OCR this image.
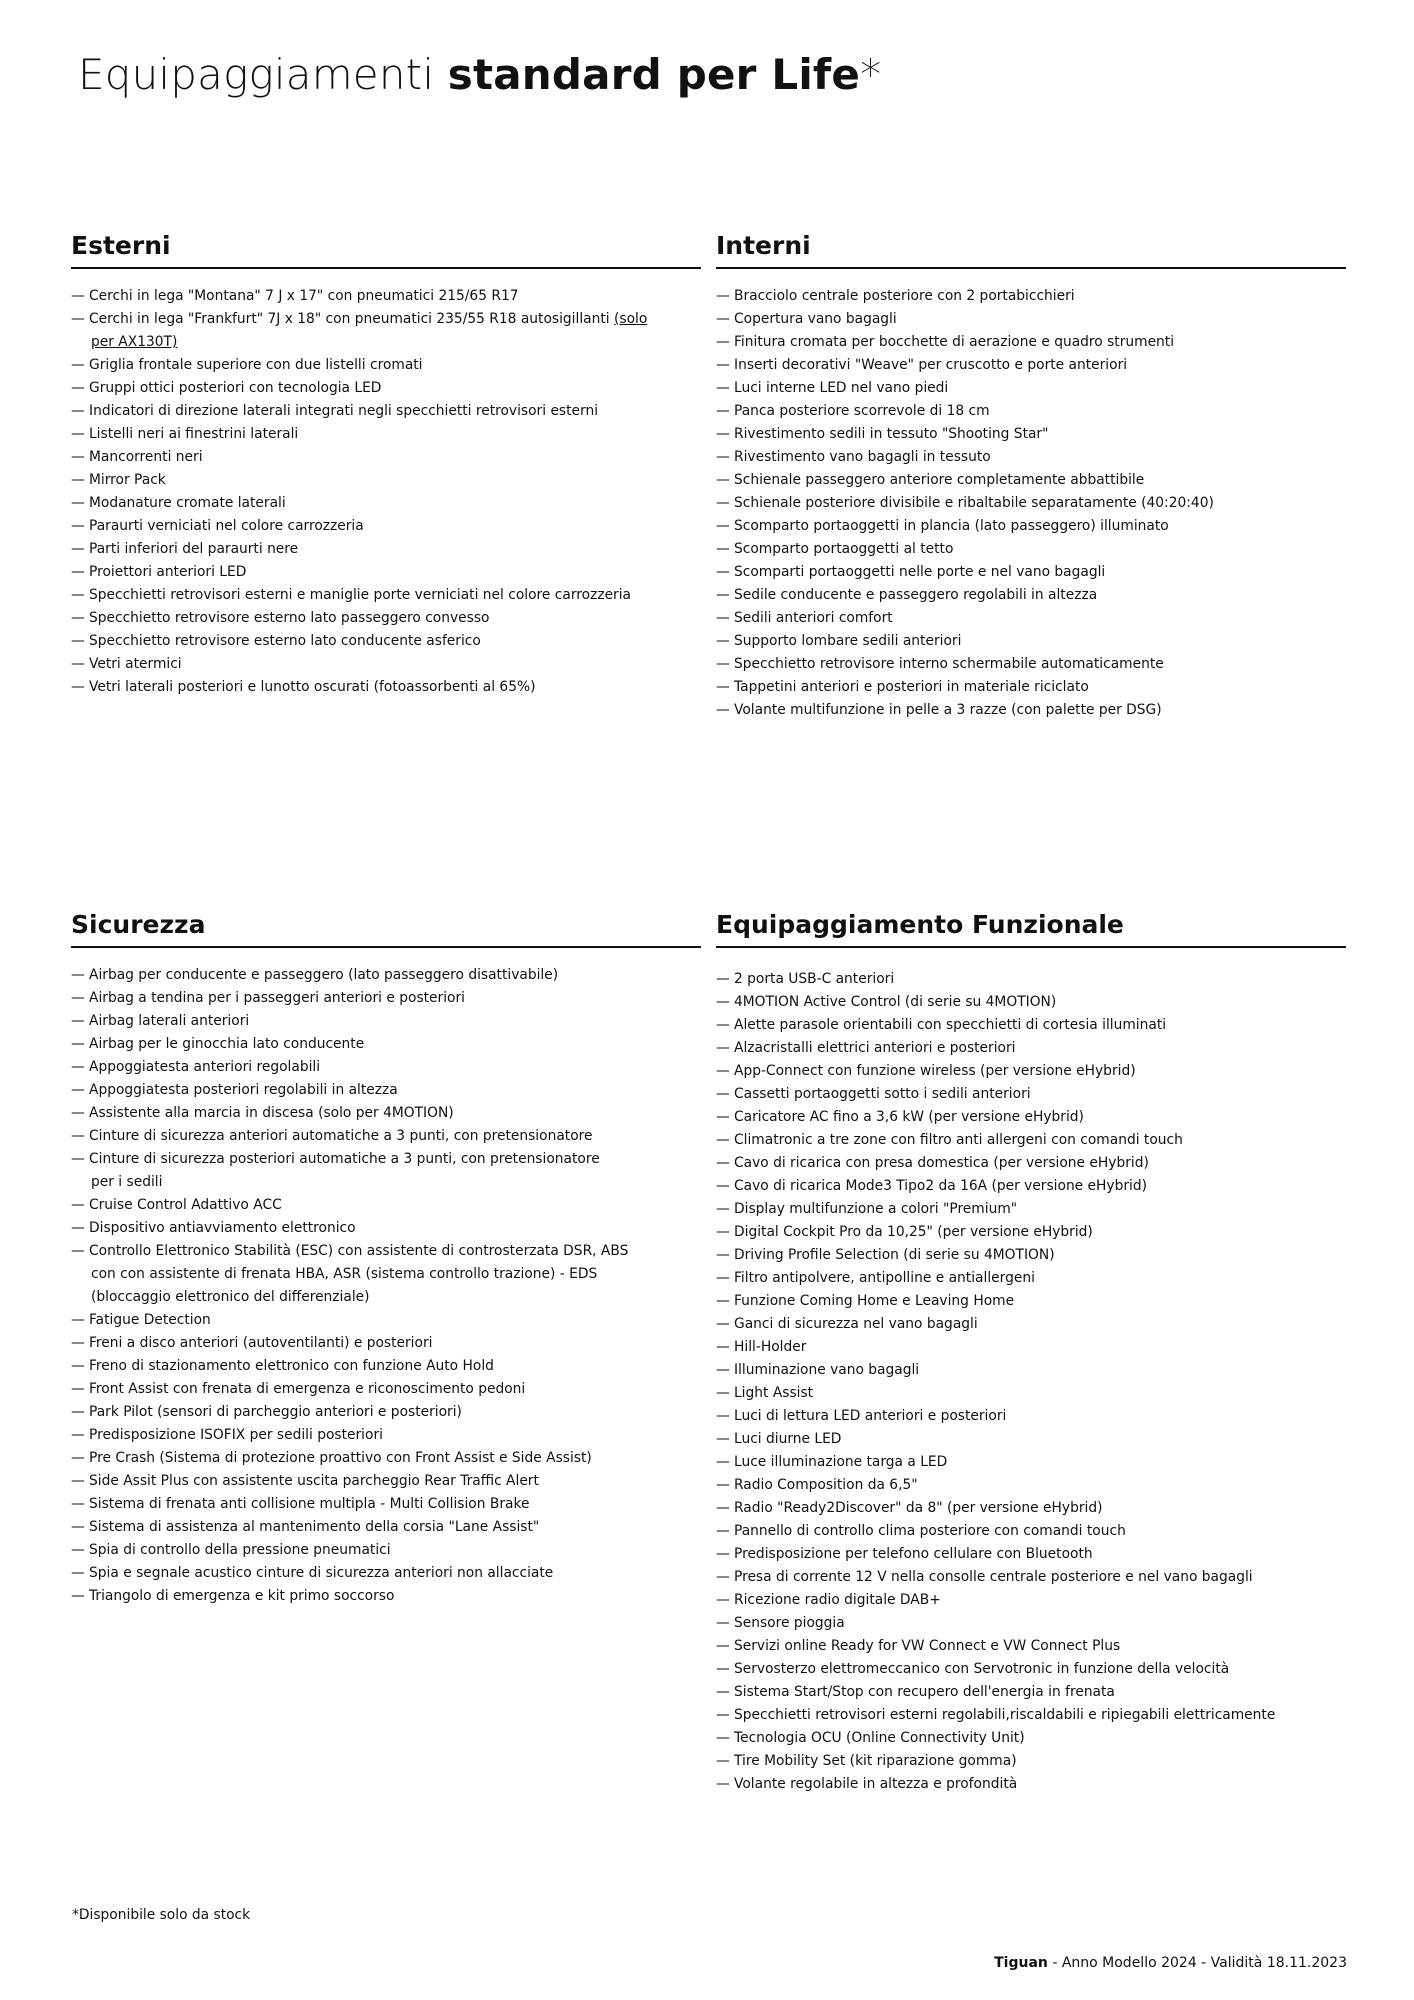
Equipaggiamenti standard per Life*
Esterni
— Cerchi in lega "Montana" 7 J x 17" con pneumatici 215/65 R17
— Cerchi in lega "Frankfurt" 7J x 18" con pneumatici 235/55 R18 autosigillanti (solo
per AX130T)
— Griglia frontale superiore con due listelli cromati
— Gruppi ottici posteriori con tecnologia LED
— Indicatori di direzione laterali integrati negli specchietti retrovisori esterni
— Listelli neri ai finestrini laterali
— Mancorrenti neri
— Mirror Pack
— Modanature cromate laterali
— Paraurti verniciati nel colore carrozzeria
— Parti inferiori del paraurti nere
— Proiettori anteriori LED
— Specchietti retrovisori esterni e maniglie porte verniciati nel colore carrozzeria
— Specchietto retrovisore esterno lato passeggero convesso
— Specchietto retrovisore esterno lato conducente asferico
— Vetri atermici
— Vetri laterali posteriori e lunotto oscurati (fotoassorbenti al 65%)
Interni
— Bracciolo centrale posteriore con 2 portabicchieri
— Copertura vano bagagli
— Finitura cromata per bocchette di aerazione e quadro strumenti
— Inserti decorativi "Weave" per cruscotto e porte anteriori
— Luci interne LED nel vano piedi
— Panca posteriore scorrevole di 18 cm
— Rivestimento sedili in tessuto "Shooting Star"
— Rivestimento vano bagagli in tessuto
— Schienale passeggero anteriore completamente abbattibile
— Schienale posteriore divisibile e ribaltabile separatamente (40:20:40)
— Scomparto portaoggetti in plancia (lato passeggero) illuminato
— Scomparto portaoggetti al tetto
— Scomparti portaoggetti nelle porte e nel vano bagagli
— Sedile conducente e passeggero regolabili in altezza
— Sedili anteriori comfort
— Supporto lombare sedili anteriori
— Specchietto retrovisore interno schermabile automaticamente
— Tappetini anteriori e posteriori in materiale riciclato
— Volante multifunzione in pelle a 3 razze (con palette per DSG)
Sicurezza
— Airbag per conducente e passeggero (lato passeggero disattivabile)
— Airbag a tendina per i passeggeri anteriori e posteriori
— Airbag laterali anteriori
— Airbag per le ginocchia lato conducente
— Appoggiatesta anteriori regolabili
— Appoggiatesta posteriori regolabili in altezza
— Assistente alla marcia in discesa (solo per 4MOTION)
— Cinture di sicurezza anteriori automatiche a 3 punti, con pretensionatore
— Cinture di sicurezza posteriori automatiche a 3 punti, con pretensionatore
per i sedili
— Cruise Control Adattivo ACC
— Dispositivo antiavviamento elettronico
— Controllo Elettronico Stabilità (ESC) con assistente di controsterzata DSR, ABS
con con assistente di frenata HBA, ASR (sistema controllo trazione) - EDS
(bloccaggio elettronico del differenziale)
— Fatigue Detection
— Freni a disco anteriori (autoventilanti) e posteriori
— Freno di stazionamento elettronico con funzione Auto Hold
— Front Assist con frenata di emergenza e riconoscimento pedoni
— Park Pilot (sensori di parcheggio anteriori e posteriori)
— Predisposizione ISOFIX per sedili posteriori
— Pre Crash (Sistema di protezione proattivo con Front Assist e Side Assist)
— Side Assit Plus con assistente uscita parcheggio Rear Traffic Alert
— Sistema di frenata anti collisione multipla - Multi Collision Brake
— Sistema di assistenza al mantenimento della corsia "Lane Assist"
— Spia di controllo della pressione pneumatici
— Spia e segnale acustico cinture di sicurezza anteriori non allacciate
— Triangolo di emergenza e kit primo soccorso
Equipaggiamento Funzionale
— 2 porta USB-C anteriori
— 4MOTION Active Control (di serie su 4MOTION)
— Alette parasole orientabili con specchietti di cortesia illuminati
— Alzacristalli elettrici anteriori e posteriori
— App-Connect con funzione wireless (per versione eHybrid)
— Cassetti portaoggetti sotto i sedili anteriori
— Caricatore AC fino a 3,6 kW (per versione eHybrid)
— Climatronic a tre zone con filtro anti allergeni con comandi touch
— Cavo di ricarica con presa domestica (per versione eHybrid)
— Cavo di ricarica Mode3 Tipo2 da 16A (per versione eHybrid)
— Display multifunzione a colori "Premium"
— Digital Cockpit Pro da 10,25" (per versione eHybrid)
— Driving Profile Selection (di serie su 4MOTION)
— Filtro antipolvere, antipolline e antiallergeni
— Funzione Coming Home e Leaving Home
— Ganci di sicurezza nel vano bagagli
— Hill-Holder
— Illuminazione vano bagagli
— Light Assist
— Luci di lettura LED anteriori e posteriori
— Luci diurne LED
— Luce illuminazione targa a LED
— Radio Composition da 6,5"
— Radio "Ready2Discover" da 8" (per versione eHybrid)
— Pannello di controllo clima posteriore con comandi touch
— Predisposizione per telefono cellulare con Bluetooth
— Presa di corrente 12 V nella consolle centrale posteriore e nel vano bagagli
— Ricezione radio digitale DAB+
— Sensore pioggia
— Servizi online Ready for VW Connect e VW Connect Plus
— Servosterzo elettromeccanico con Servotronic in funzione della velocità
— Sistema Start/Stop con recupero dell'energia in frenata
— Specchietti retrovisori esterni regolabili,riscaldabili e ripiegabili elettricamente
— Tecnologia OCU (Online Connectivity Unit)
— Tire Mobility Set (kit riparazione gomma)
— Volante regolabile in altezza e profondità
*Disponibile solo da stock
Tiguan - Anno Modello 2024 - Validità 18.11.2023
